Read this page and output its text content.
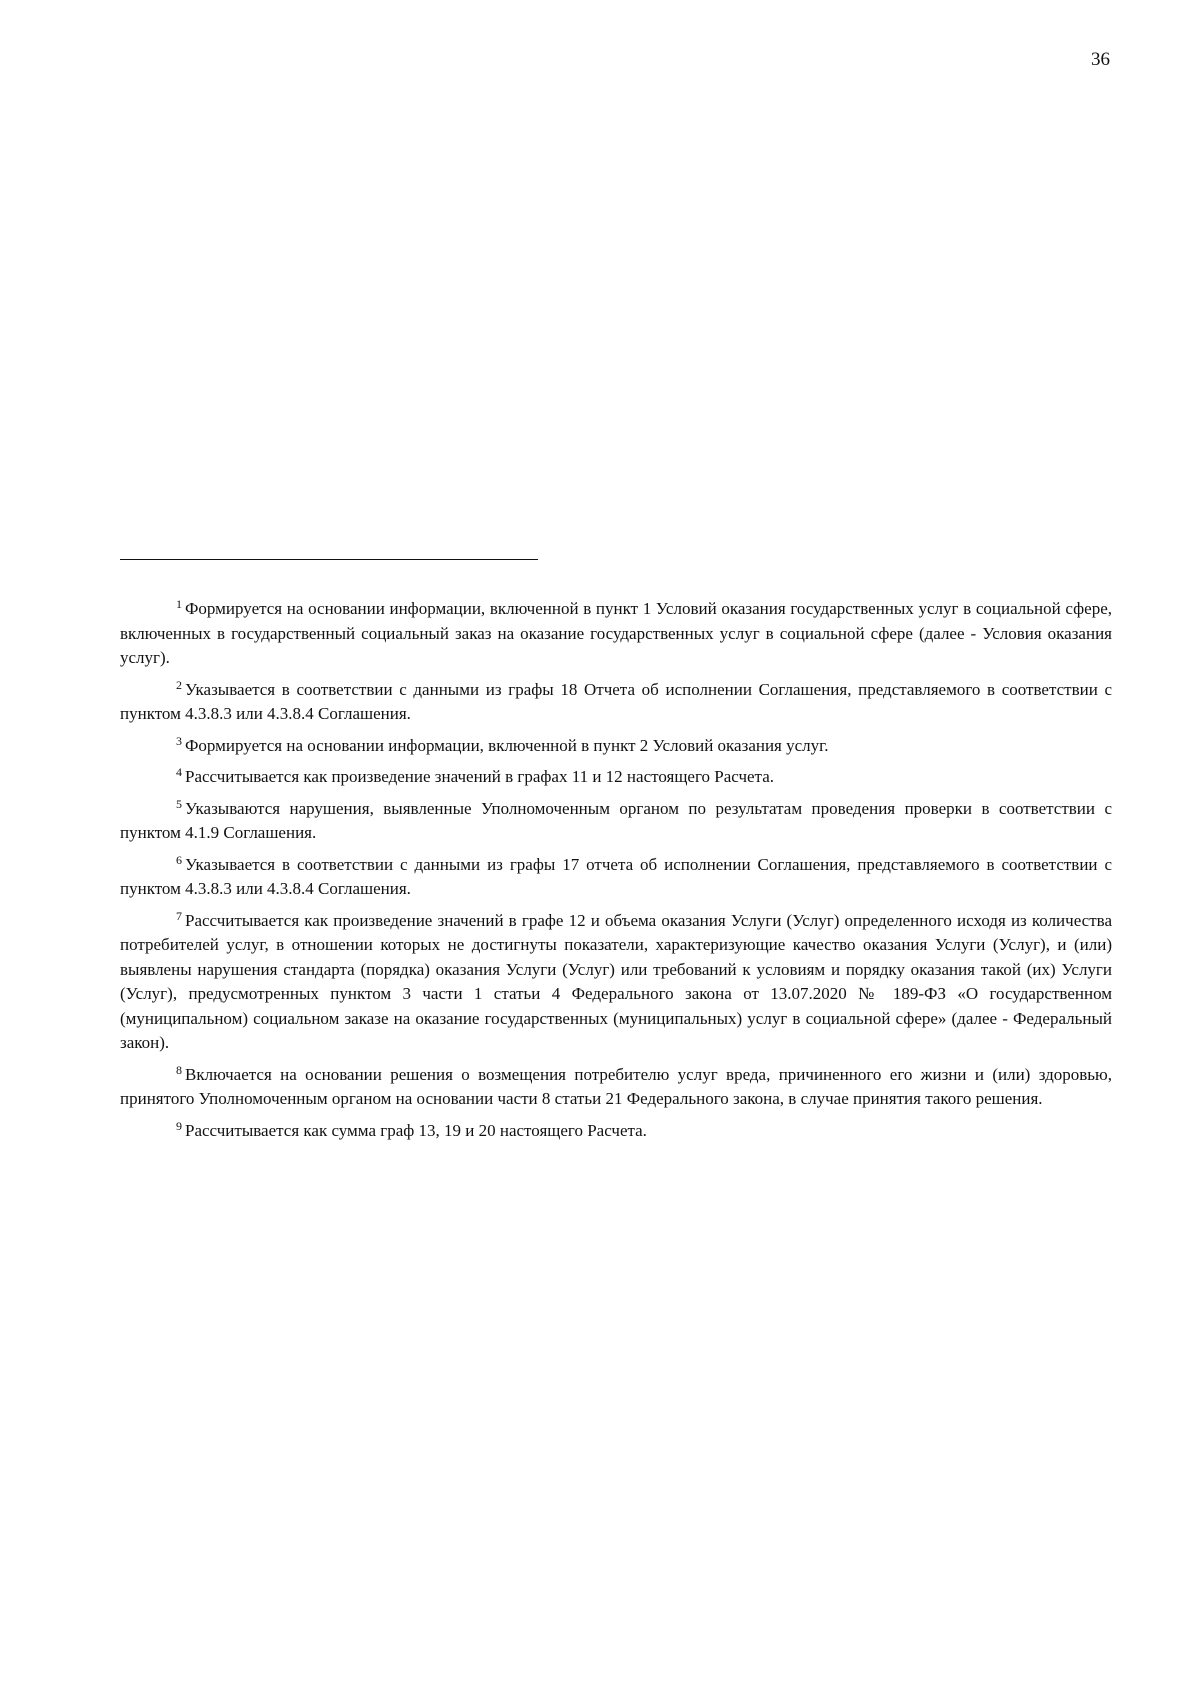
36

$^1$ Формируется на основании информации, включенной в пункт 1 Условий оказания государственных услуг в социальной сфере, включенных в государственный социальный заказ на оказание государственных услуг в социальной сфере (далее - Условия оказания услуг).

$^2$ Указывается в соответствии с данными из графы 18 Отчета об исполнении Соглашения, представляемого в соответствии с пунктом 4.3.8.3 или 4.3.8.4 Соглашения.

$^3$ Формируется на основании информации, включенной в пункт 2 Условий оказания услуг.

$^4$ Рассчитывается как произведение значений в графах 11 и 12 настоящего Расчета.

$^5$ Указываются нарушения, выявленные Уполномоченным органом по результатам проведения проверки в соответствии с пунктом 4.1.9 Соглашения.

$^6$ Указывается в соответствии с данными из графы 17 отчета об исполнении Соглашения, представляемого в соответствии с пунктом 4.3.8.3 или 4.3.8.4 Соглашения.

$^7$ Рассчитывается как произведение значений в графе 12 и объема оказания Услуги (Услуг) определенного исходя из количества потребителей услуг, в отношении которых не достигнуты показатели, характеризующие качество оказания Услуги (Услуг), и (или) выявлены нарушения стандарта (порядка) оказания Услуги (Услуг) или требований к условиям и порядку оказания такой (их) Услуги (Услуг), предусмотренных пунктом 3 части 1 статьи 4 Федерального закона от 13.07.2020 № 189-ФЗ «О государственном (муниципальном) социальном заказе на оказание государственных (муниципальных) услуг в социальной сфере» (далее - Федеральный закон).

$^8$ Включается на основании решения о возмещения потребителю услуг вреда, причиненного его жизни и (или) здоровью, принятого Уполномоченным органом на основании части 8 статьи 21 Федерального закона, в случае принятия такого решения.

$^9$ Рассчитывается как сумма граф 13, 19 и 20 настоящего Расчета.
